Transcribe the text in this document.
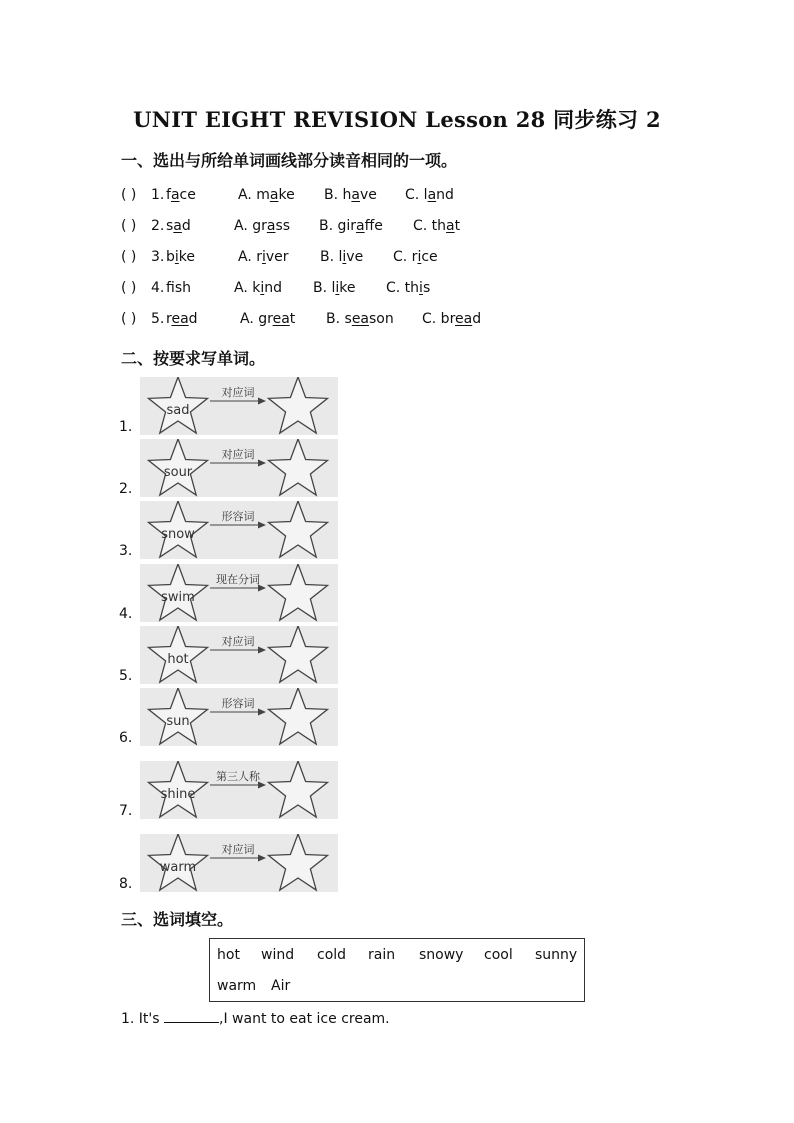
UNIT EIGHT REVISION Lesson 28 同步练习 2
一、选出与所给单词画线部分读音相同的一项。
( ) 1. face	A. make B. have C. land
( ) 2. sad	A. grass B. giraffe C. that
( ) 3. bike	A. river B. live C. rice
( ) 4. fsh	A. kind B. like C. this
( ) 5. read	A. great B. season C. bread
二、按要求写单词。
1.
sad
对应词
2.
sour
对应词
3.
snow
形容词
4.
swim
现在分词
5.
hot
对应词
6.
sun
形容词
7.
shine
第三人称
8.
warm
对应词
三、选词填空。
hot wind cold rain snowy cool sunny
warm Air
1. It's	,I want to eat ice cream.
